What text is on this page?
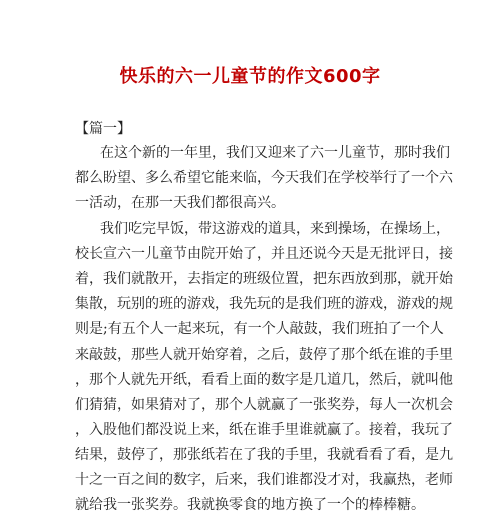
快乐的六一儿童节的作文600字
【篇一】
在这个新的一年里，我们又迎来了六一儿童节，那时我们
都么盼望、多么希望它能来临，今天我们在学校举行了一个六
一活动，在那一天我们都很高兴。
我们吃完早饭，带这游戏的道具，来到操场，在操场上，
校长宣六一儿童节由院开始了，并且还说今天是无批评日，接
着，我们就散开，去指定的班级位置，把东西放到那，就开始
集散，玩别的班的游戏，我先玩的是我们班的游戏，游戏的规
则是;有五个人一起来玩，有一个人敲鼓，我们班拍了一个人
来敲鼓，那些人就开始穿着，之后，鼓停了那个纸在谁的手里
，那个人就先开纸，看看上面的数字是几道几，然后，就叫他
们猜猜，如果猜对了，那个人就赢了一张奖券，每人一次机会
，入股他们都没说上来，纸在谁手里谁就赢了。接着，我玩了
结果，鼓停了，那张纸若在了我的手里，我就看看了看，是九
十之一百之间的数字，后来，我们谁都没才对，我赢热，老师
就给我一张奖券。我就换零食的地方换了一个的棒棒糖。
